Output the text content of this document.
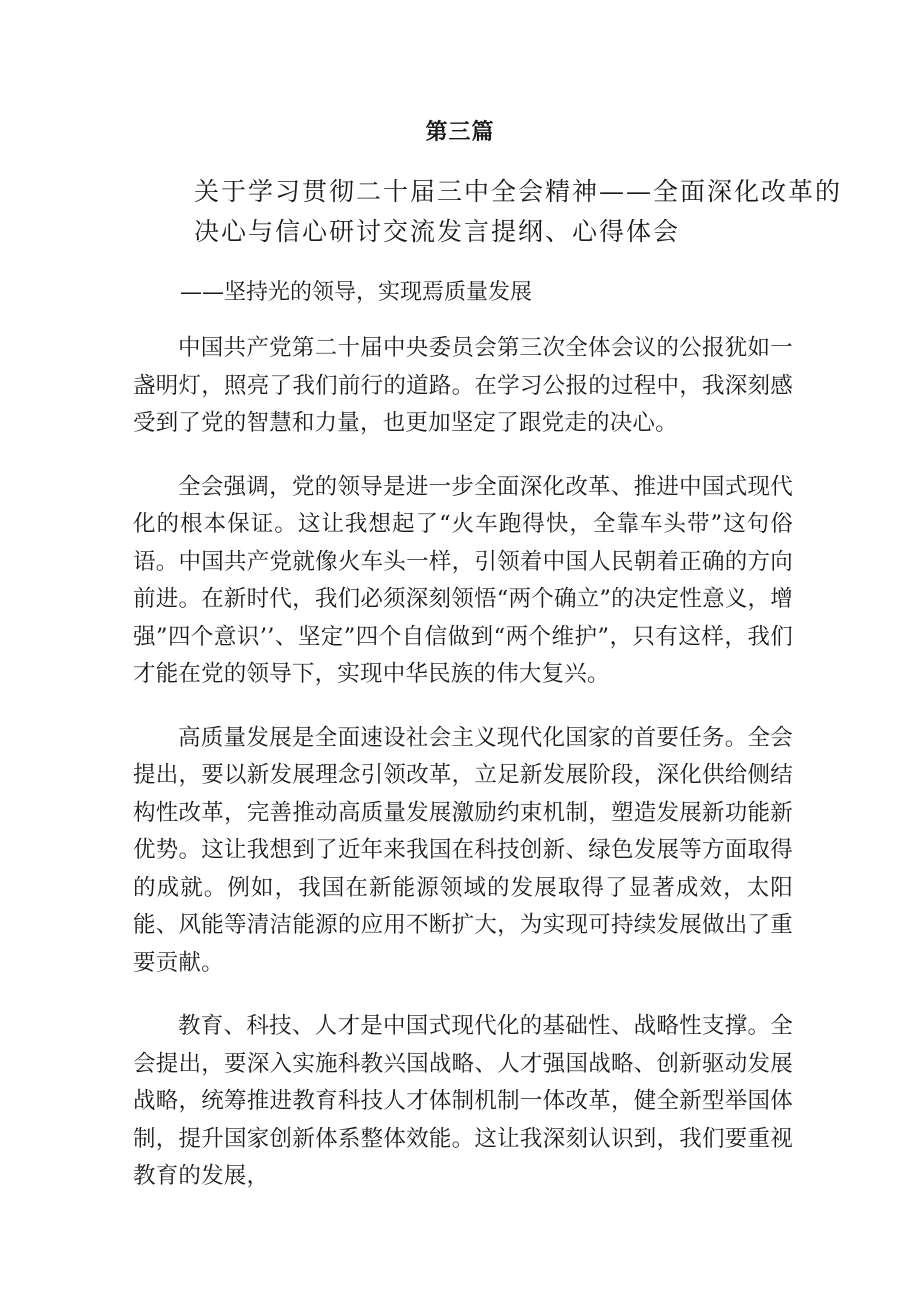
第三篇
关于学习贯彻二十届三中全会精神——全面深化改革的
决心与信心研讨交流发言提纲、心得体会
——坚持光的领导，实现焉质量发展

中国共产党第二十届中央委员会第三次全体会议的公报犹如一盏明灯，照亮了我们前行的道路。在学习公报的过程中，我深刻感受到了党的智慧和力量，也更加坚定了跟党走的决心。

全会强调，党的领导是进一步全面深化改革、推进中国式现代化的根本保证。这让我想起了“火车跑得快，全靠车头带”这句俗语。中国共产党就像火车头一样，引领着中国人民朝着正确的方向前进。在新时代，我们必须深刻领悟“两个确立”的决定性意义，增强”四个意识’’、坚定”四个自信做到“两个维护”，只有这样，我们才能在党的领导下，实现中华民族的伟大复兴。

高质量发展是全面速设社会主义现代化国家的首要任务。全会提出，要以新发展理念引领改革，立足新发展阶段，深化供给侧结构性改革，完善推动高质量发展激励约束机制，塑造发展新功能新优势。这让我想到了近年来我国在科技创新、绿色发展等方面取得的成就。例如，我国在新能源领域的发展取得了显著成效，太阳能、风能等清洁能源的应用不断扩大，为实现可持续发展做出了重要贡献。

教育、科技、人才是中国式现代化的基础性、战略性支撑。全会提出，要深入实施科教兴国战略、人才强国战略、创新驱动发展战略，统筹推进教育科技人才体制机制一体改革，健全新型举国体制，提升国家创新体系整体效能。这让我深刻认识到，我们要重视教育的发展，
